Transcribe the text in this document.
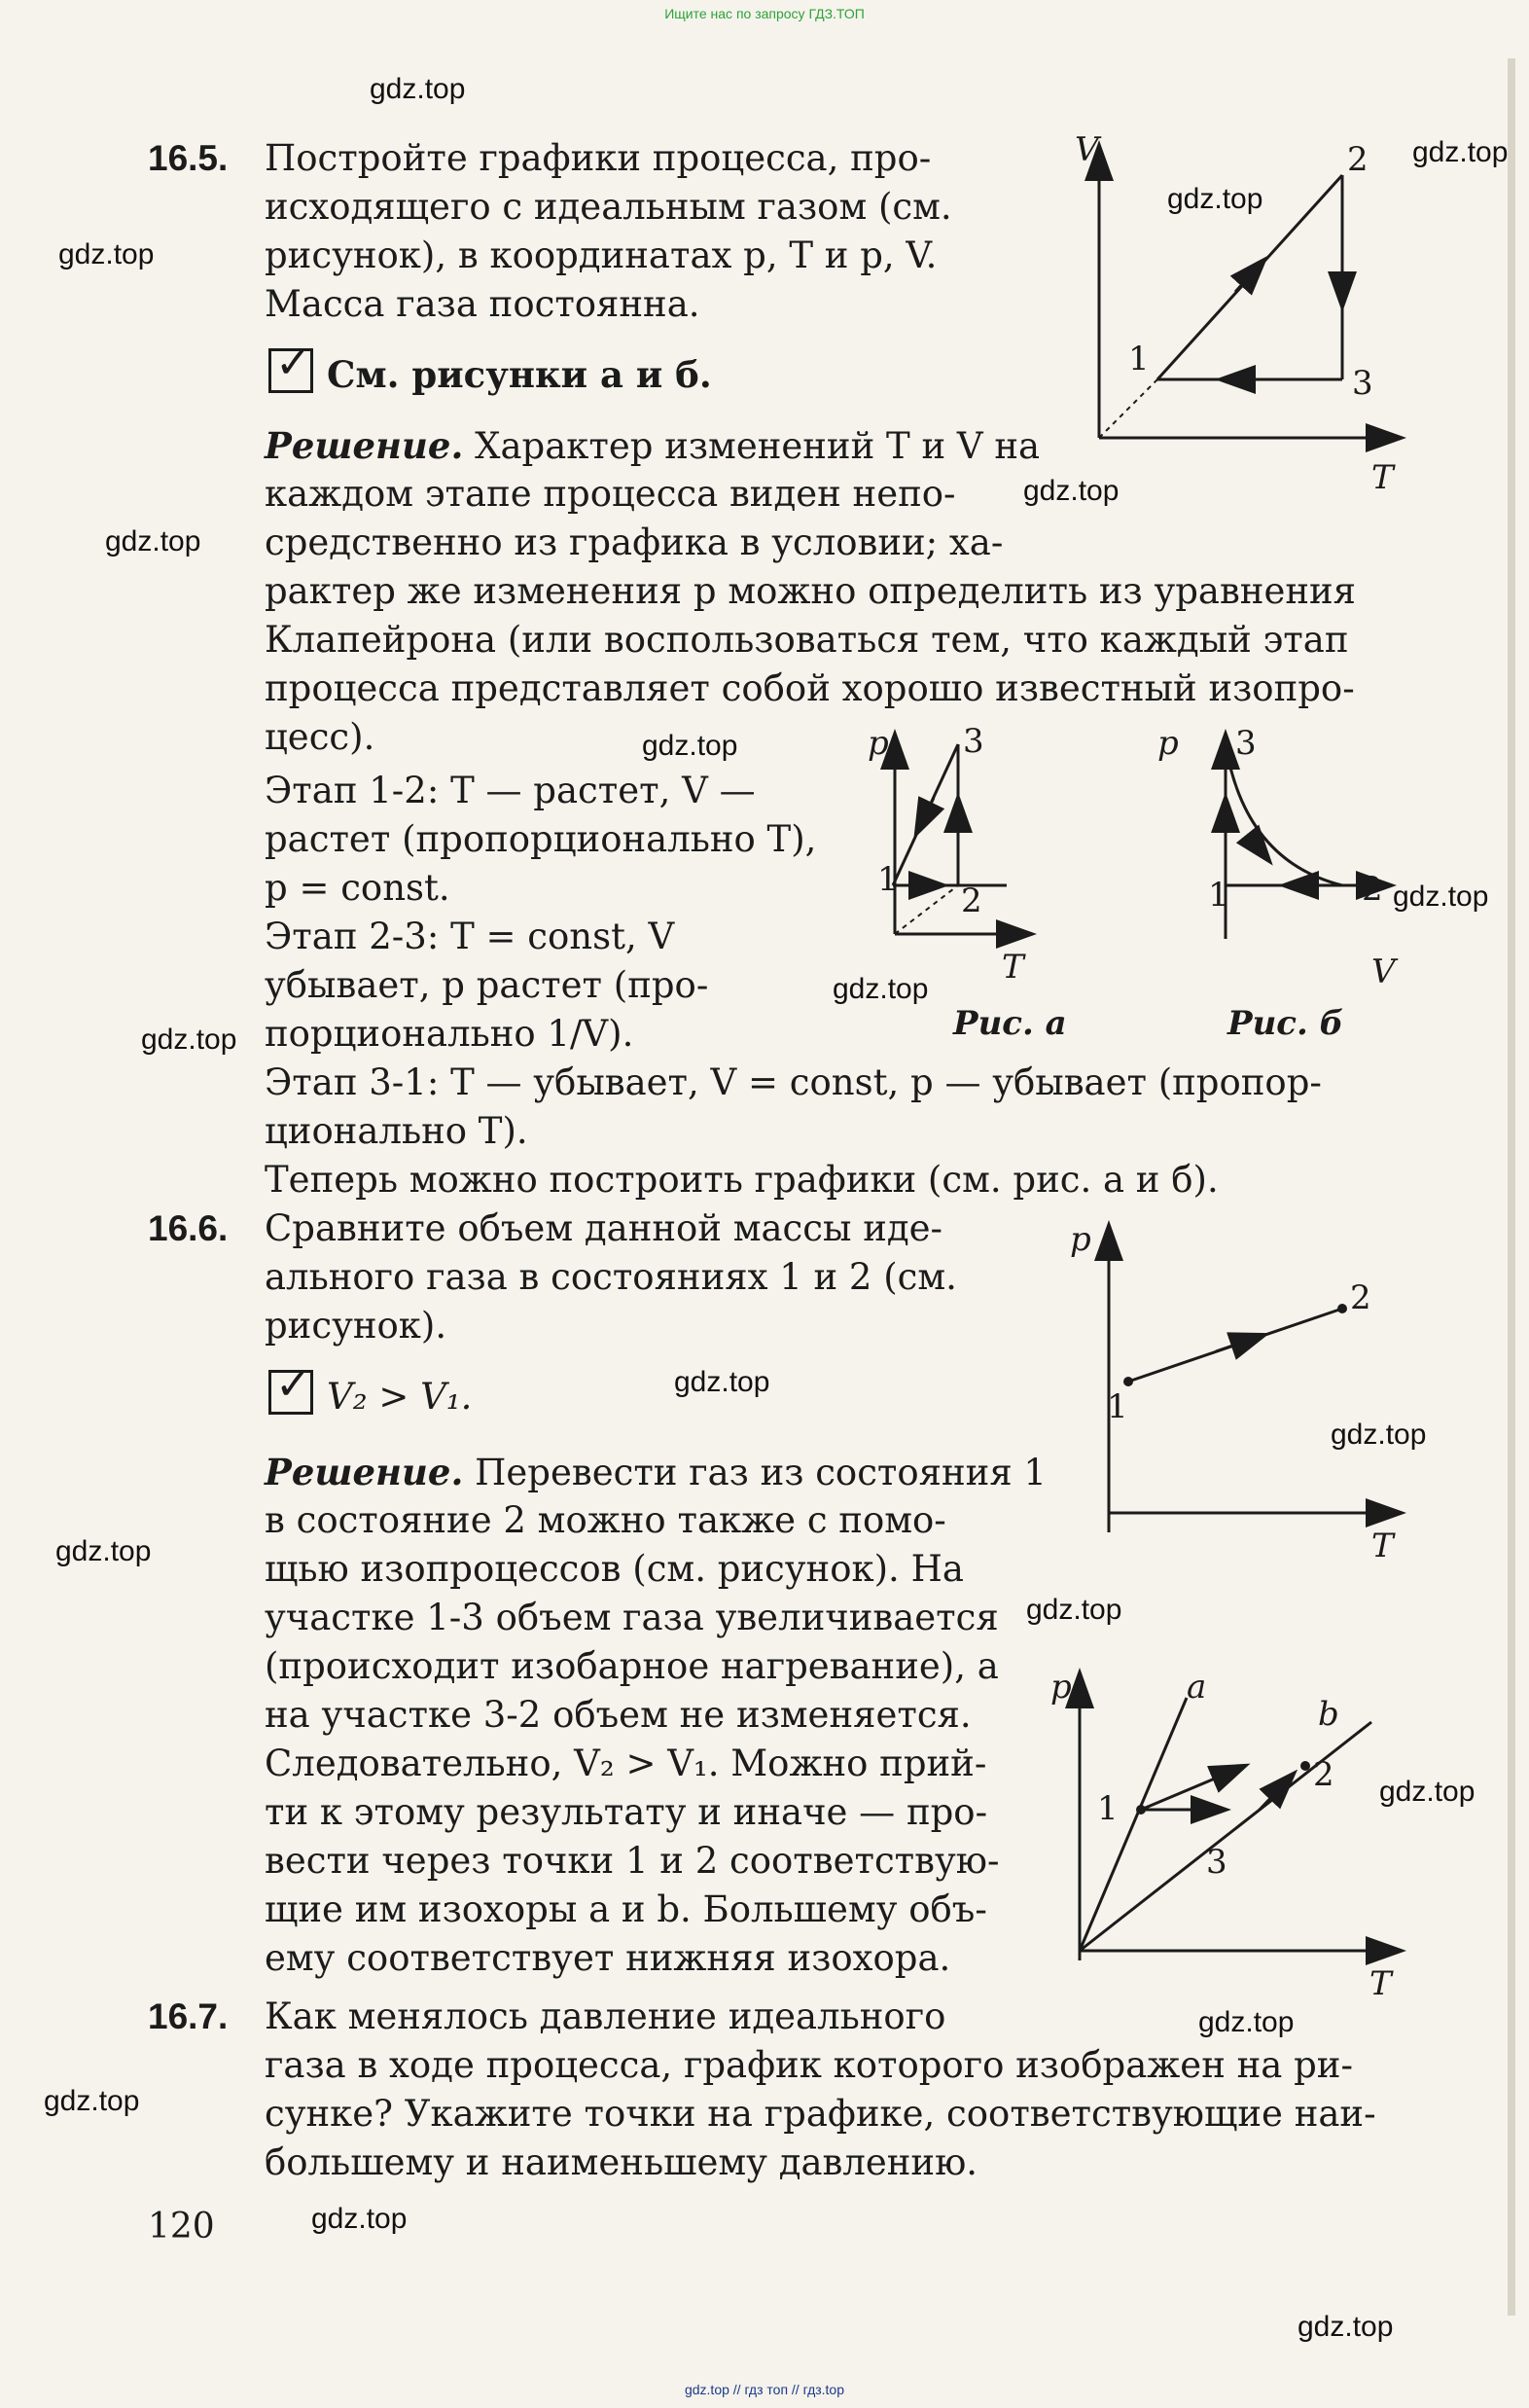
Ищите нас по запросу ГДЗ.ТОП
gdz.top
gdz.top
gdz.top
gdz.top
gdz.top
gdz.top
gdz.top
gdz.top
gdz.top
gdz.top
gdz.top
gdz.top
gdz.top
gdz.top
gdz.top
gdz.top
gdz.top
gdz.top
gdz.top
16.5. Постройте графики процесса, про-
исходящего с идеальным газом (см.
рисунок), в координатах p, T и p, V.
Масса газа постоянна.
✓См. рисунки а и б.
Решение. Характер изменений T и V на
каждом этапе процесса виден непо-
средственно из графика в условии; ха-
рактер же изменения p можно определить из уравнения
Клапейрона (или воспользоваться тем, что каждый этап
процесса представляет собой хорошо известный изопро-
цесс).
Этап 1-2: T — растет, V —
растет (пропорционально T),
p = const.
Этап 2-3: T = const, V
убывает, p растет (про-
порционально 1/V).
Этап 3-1: T — убывает, V = const, p — убывает (пропор-
ционально T).
Теперь можно построить графики (см. рис. а и б).
V
T
1
2
3
p
T
1
2
3
Рис. а
p
V
1	2
3
Рис. б
16.6. Сравните объем данной массы иде-
ального газа в состояниях 1 и 2 (см.
рисунок).
✓V₂ > V₁.
Решение. Перевести газ из состояния 1
в состояние 2 можно также с помо-
щью изопроцессов (см. рисунок). На
участке 1-3 объем газа увеличивается
(происходит изобарное нагревание), а
на участке 3-2 объем не изменяется.
Следовательно, V₂ > V₁. Можно прий-
ти к этому результату и иначе — про-
вести через точки 1 и 2 соответствую-
щие им изохоры a и b. Большему объ-
ему соответствует нижняя изохора.
p
T
1
2
p
T
1
2
3
a
b
16.7. Как менялось давление идеального
газа в ходе процесса, график которого изображен на ри-
сунке? Укажите точки на графике, соответствующие наи-
большему и наименьшему давлению.
120
gdz.top // гдз топ // гдз.top
